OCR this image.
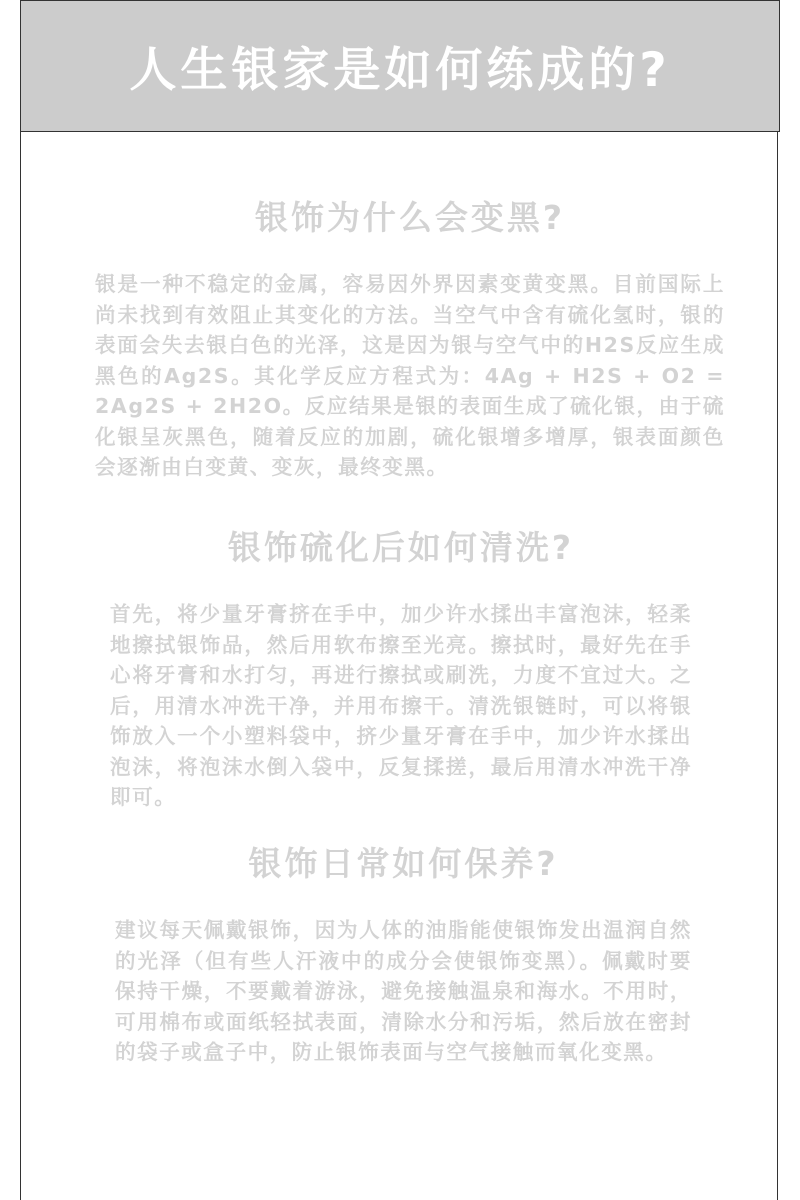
人生银家是如何练成的?
银饰为什么会变黑?

银是一种不稳定的金属，容易因外界因素变黄变黑。目前国际上尚未找到有效阻止其变化的方法。当空气中含有硫化氢时，银的表面会失去银白色的光泽，这是因为银与空气中的H2S反应生成黑色的Ag2S。其化学反应方程式为：4Ag + H2S + O2 = 2Ag2S + 2H2O。反应结果是银的表面生成了硫化银，由于硫化银呈灰黑色，随着反应的加剧，硫化银增多增厚，银表面颜色会逐渐由白变黄、变灰，最终变黑。

银饰硫化后如何清洗?

首先，将少量牙膏挤在手中，加少许水揉出丰富泡沫，轻柔地擦拭银饰品，然后用软布擦至光亮。擦拭时，最好先在手心将牙膏和水打匀，再进行擦拭或刷洗，力度不宜过大。之后，用清水冲洗干净，并用布擦干。清洗银链时，可以将银饰放入一个小塑料袋中，挤少量牙膏在手中，加少许水揉出泡沫，将泡沫水倒入袋中，反复揉搓，最后用清水冲洗干净即可。

银饰日常如何保养?

建议每天佩戴银饰，因为人体的油脂能使银饰发出温润自然的光泽（但有些人汗液中的成分会使银饰变黑）。佩戴时要保持干燥，不要戴着游泳，避免接触温泉和海水。不用时，可用棉布或面纸轻拭表面，清除水分和污垢，然后放在密封的袋子或盒子中，防止银饰表面与空气接触而氧化变黑。
